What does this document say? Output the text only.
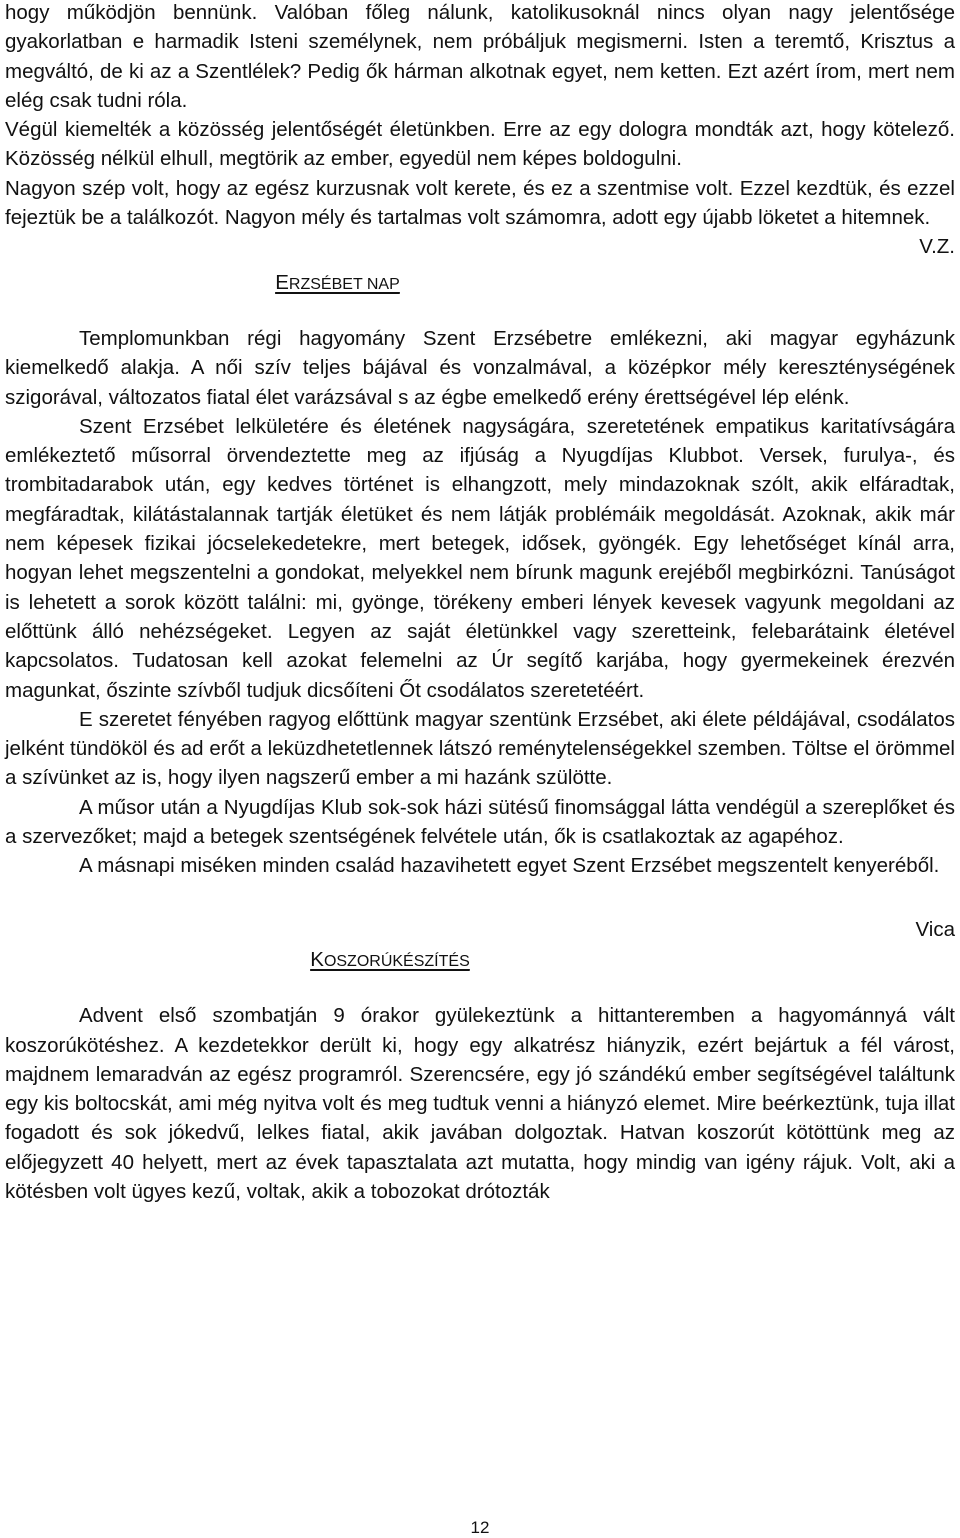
hogy működjön bennünk. Valóban főleg nálunk, katolikusoknál nincs olyan nagy jelentősége gyakorlatban e harmadik Isteni személynek, nem próbáljuk megismerni. Isten a teremtő, Krisztus a megváltó, de ki az a Szentlélek? Pedig ők hárman alkotnak egyet, nem ketten. Ezt azért írom, mert nem elég csak tudni róla.

Végül kiemelték a közösség jelentőségét életünkben. Erre az egy dologra mondták azt, hogy kötelező. Közösség nélkül elhull, megtörik az ember, egyedül nem képes boldogulni.

Nagyon szép volt, hogy az egész kurzusnak volt kerete, és ez a szentmise volt. Ezzel kezdtük, és ezzel fejeztük be a találkozót. Nagyon mély és tartalmas volt számomra, adott egy újabb löketet a hitemnek.

V.Z.

ERZSÉBET NAP

Templomunkban régi hagyomány Szent Erzsébetre emlékezni, aki magyar egyházunk kiemelkedő alakja. A női szív teljes bájával és vonzalmával, a középkor mély kereszténységének szigorával, változatos fiatal élet varázsával s az égbe emelkedő erény érettségével lép elénk.

Szent Erzsébet lelkületére és életének nagyságára, szeretetének empatikus karitatívságára emlékeztető műsorral örvendeztette meg az ifjúság a Nyugdíjas Klubbot. Versek, furulya-, és trombitadarabok után, egy kedves történet is elhangzott, mely mindazoknak szólt, akik elfáradtak, megfáradtak, kilátástalannak tartják életüket és nem látják problémáik megoldását. Azoknak, akik már nem képesek fizikai jócselekedetekre, mert betegek, idősek, gyöngék. Egy lehetőséget kínál arra, hogyan lehet megszentelni a gondokat, melyekkel nem bírunk magunk erejéből megbirkózni. Tanúságot is lehetett a sorok között találni: mi, gyönge, törékeny emberi lények kevesek vagyunk megoldani az előttünk álló nehézségeket. Legyen az saját életünkkel vagy szeretteink, felebarátaink életével kapcsolatos. Tudatosan kell azokat felemelni az Úr segítő karjába, hogy gyermekeinek érezvén magunkat, őszinte szívből tudjuk dicsőíteni Őt csodálatos szeretetéért.

E szeretet fényében ragyog előttünk magyar szentünk Erzsébet, aki élete példájával, csodálatos jelként tündököl és ad erőt a leküzdhetetlennek látszó reménytelenségekkel szemben. Töltse el örömmel a szívünket az is, hogy ilyen nagszerű ember a mi hazánk szülötte.

A műsor után a Nyugdíjas Klub sok-sok házi sütésű finomsággal látta vendégül a szereplőket és a szervezőket; majd a betegek szentségének felvétele után, ők is csatlakoztak az agapéhoz.

A másnapi miséken minden család hazavihetett egyet Szent Erzsébet megszentelt kenyeréből.

Vica

KOSZORÚKÉSZÍTÉS

Advent első szombatján 9 órakor gyülekeztünk a hittanteremben a hagyománnyá vált koszorúkötéshez. A kezdetekkor derült ki, hogy egy alkatrész hiányzik, ezért bejártuk a fél várost, majdnem lemaradván az egész programról. Szerencsére, egy jó szándékú ember segítségével találtunk egy kis boltocskát, ami még nyitva volt és meg tudtuk venni a hiányzó elemet. Mire beérkeztünk, tuja illat fogadott és sok jókedvű, lelkes fiatal, akik javában dolgoztak. Hatvan koszorút kötöttünk meg az előjegyzett 40 helyett, mert az évek tapasztalata azt mutatta, hogy mindig van igény rájuk. Volt, aki a kötésben volt ügyes kezű, voltak, akik a tobozokat drótozták

12
